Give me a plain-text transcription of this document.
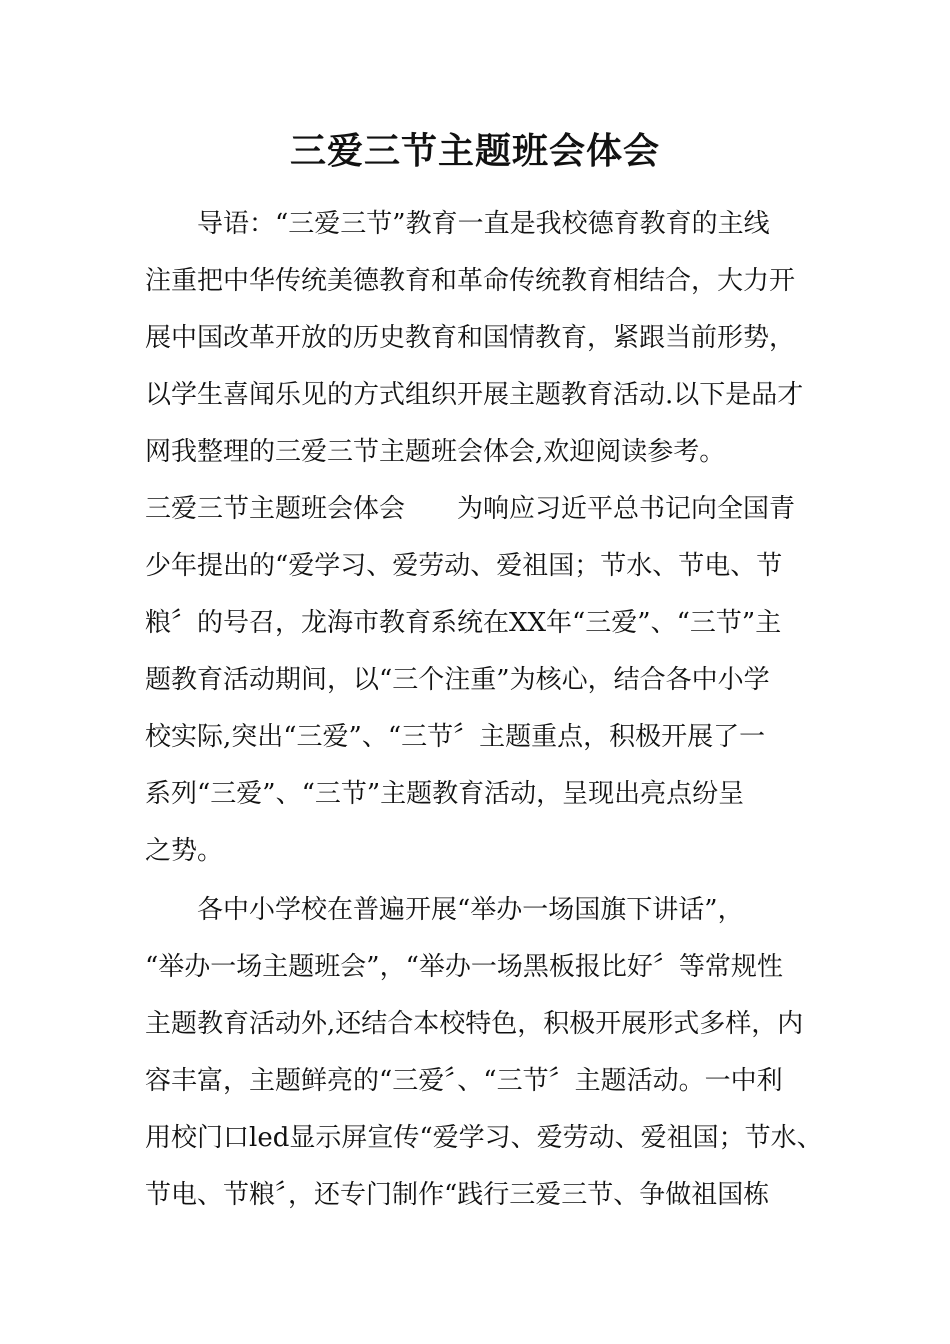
三爱三节主题班会体会
　　导语：“三爱三节”教育一直是我校德育教育的主线
注重把中华传统美德教育和革命传统教育相结合，大力开
展中国改革开放的历史教育和国情教育，紧跟当前形势，
以学生喜闻乐见的方式组织开展主题教育活动.以下是品才
网我整理的三爱三节主题班会体会,欢迎阅读参考。
三爱三节主题班会体会　　为响应习近平总书记向全国青
少年提出的“爱学习、爱劳动、爱祖国；节水、节电、节
粮〞的号召，龙海市教育系统在XX年“三爱”、“三节”主
题教育活动期间，以“三个注重”为核心，结合各中小学
校实际,突出“三爱”、“三节〞主题重点，积极开展了一
系列“三爱”、“三节”主题教育活动，呈现出亮点纷呈
之势。
　　各中小学校在普遍开展“举办一场国旗下讲话”，
“举办一场主题班会”，“举办一场黑板报比好〞等常规性
主题教育活动外,还结合本校特色，积极开展形式多样，内
容丰富，主题鲜亮的“三爱〞、“三节〞主题活动。一中利
用校门口led显示屏宣传“爱学习、爱劳动、爱祖国；节水、
节电、节粮〞，还专门制作“践行三爱三节、争做祖国栋
